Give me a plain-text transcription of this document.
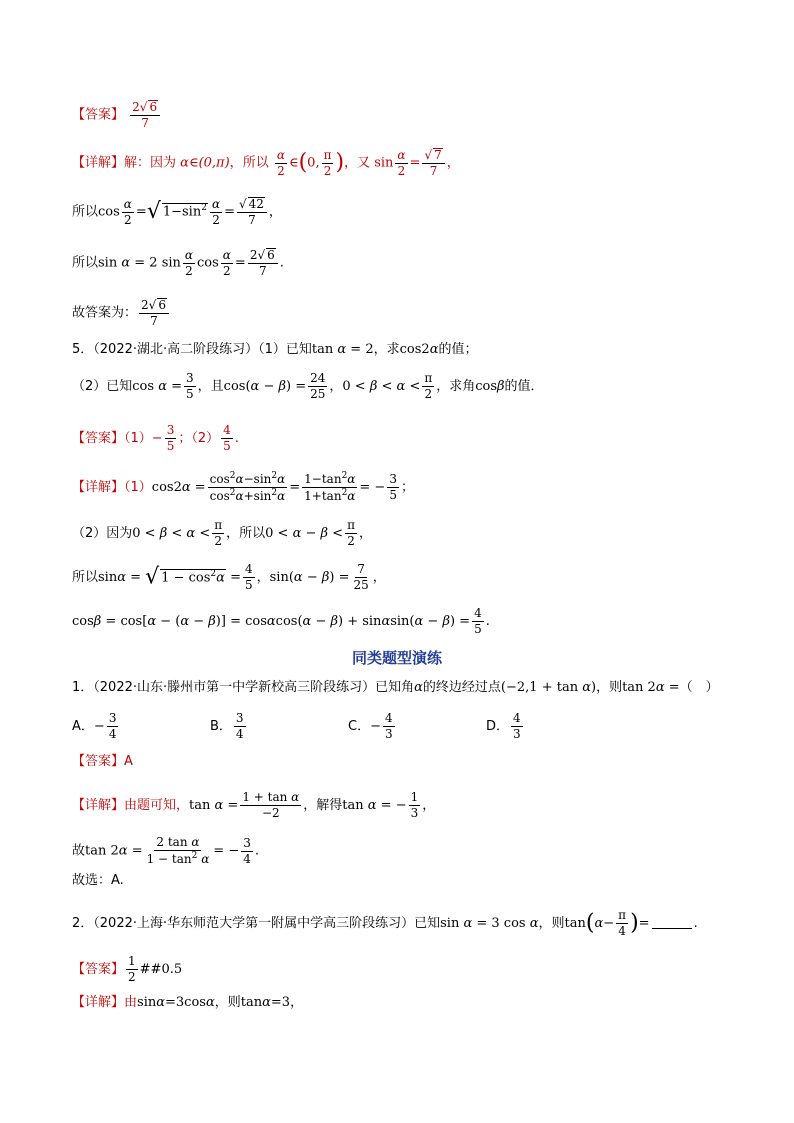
【答案】 $\frac{2√ 6}{7}$
【详解】解：因为 α∈(0,π)，所以 $\frac{\alpha}{2}$ ∈(0, $\frac{\pi}{2}$ )，又 $\sin \frac{\alpha}{2} = \frac{√ 7}{7}$ ，
所以$\cos \frac{\alpha}{2}$ =√ $1-\sin^2 \frac{\alpha}{2} = \frac{√ 42}{7}$ ，
所以sin α = 2 $\sin \frac{\alpha}{2}$ $\cos \frac{\alpha}{2} = \frac{2√ 6}{7}$ .
故答案为： $\frac{2√ 6}{7}$
5．（2022·湖北·高二阶段练习）（1）已知tan α = 2，求cos2α的值；
（2）已知$\cos \alpha = \frac{3}{5}$ ，且$\cos(\alpha - \beta) = \frac{24}{25}$ ，$0 < \beta < \alpha < \frac{\pi}{2}$ ，求角cosβ的值．
【答案】$(1)- \frac{3}{5}$ ；$(2) \frac{4}{5}$ .
【详解】$(1)\cos 2\alpha = \frac{\cos^2\alpha-\sin^2\alpha}{\cos^2\alpha+\sin^2\alpha} = \frac{1-\tan^2\alpha}{1+\tan^2\alpha}$ = − $\frac{3}{5}$ ；
（2）因为$0 < \beta < \alpha < \frac{\pi}{2}$ ，所以$0 < \alpha - \beta < \frac{\pi}{2}$ ，
所以sinα = √ $1 - \cos^2\alpha = \frac{4}{5}$ ，$\sin(\alpha - \beta) = \frac{7}{25}$ ，
$\cos\beta = \cos[\alpha - (\alpha - \beta)] = \cos\alpha\cos(\alpha - \beta) + \sin\alpha\sin(\alpha - \beta) = \frac{4}{5}$ .
同类题型演练
1．（2022·山东·滕州市第一中学新校高三阶段练习）已知角α的终边经过点(−2,1 + tan α)，则tan 2α =（　）
A．− $\frac{3}{4}$	B． $\frac{3}{4}$	C．− $\frac{4}{3}$	D． $\frac{4}{3}$
【答案】A
【详解】由题可知，$\tan \alpha = \frac{\text{1 + tan α}}{-2}$ ，解得tan α = − $\frac{1}{3}$ ，
故$\tan 2\alpha = \frac{\text{2 tan α}}{1 - \tan^2 \alpha}$ = − $\frac{3}{4}$ .
故选：A.
2．（2022·上海·华东师范大学第一附属中学高三阶段练习）已知sin α = 3 cos α，则$\tan(\alpha- \frac{\pi}{4}$ )=	.
【答案】 $\frac{1}{2}$ ##0.5
【详解】由sinα=3cosα，则tanα=3，
